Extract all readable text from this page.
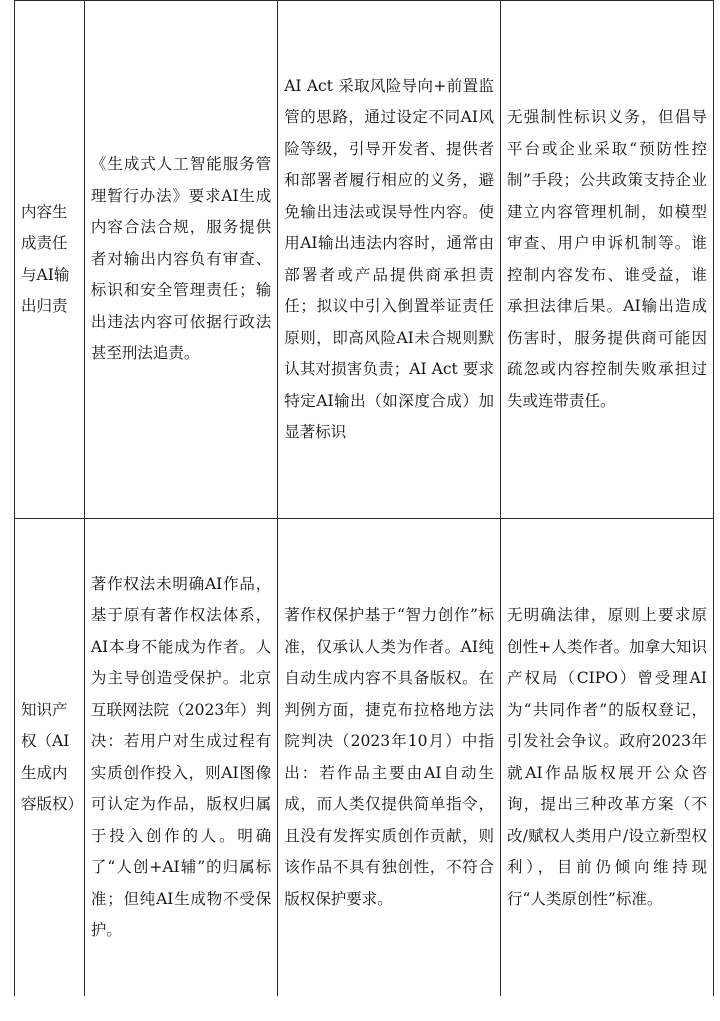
内容生成责任与AI输出归责	《生成式人工智能服务管理暂行办法》要求AI生成内容合法合规，服务提供者对输出内容负有审查、标识和安全管理责任；输出违法内容可依据行政法甚至刑法追责。	AI Act 采取风险导向+前置监管的思路，通过设定不同AI风险等级，引导开发者、提供者和部署者履行相应的义务，避免输出违法或误导性内容。使用AI输出违法内容时，通常由部署者或产品提供商承担责任；拟议中引入倒置举证责任原则，即高风险AI未合规则默认其对损害负责；AI Act 要求特定AI输出（如深度合成）加显著标识	无强制性标识义务，但倡导平台或企业采取“预防性控制”手段；公共政策支持企业建立内容管理机制，如模型审查、用户申诉机制等。谁控制内容发布、谁受益，谁承担法律后果。AI输出造成伤害时，服务提供商可能因疏忽或内容控制失败承担过失或连带责任。
知识产权（AI生成内容版权）	著作权法未明确AI作品，基于原有著作权法体系，AI本身不能成为作者。人为主导创造受保护。北京互联网法院（2023年）判决：若用户对生成过程有实质创作投入，则AI图像可认定为作品，版权归属于投入创作的人。明确了“人创+AI辅”的归属标准；但纯AI生成物不受保护。	著作权保护基于“智力创作”标准，仅承认人类为作者。AI纯自动生成内容不具备版权。在判例方面，捷克布拉格地方法院判决（2023年10月）中指出：若作品主要由AI自动生成，而人类仅提供简单指令，且没有发挥实质创作贡献，则该作品不具有独创性，不符合版权保护要求。	无明确法律，原则上要求原创性+人类作者。加拿大知识产权局（CIPO）曾受理AI为“共同作者”的版权登记，引发社会争议。政府2023年就AI作品版权展开公众咨询，提出三种改革方案（不改/赋权人类用户/设立新型权利），目前仍倾向维持现行“人类原创性”标准。
